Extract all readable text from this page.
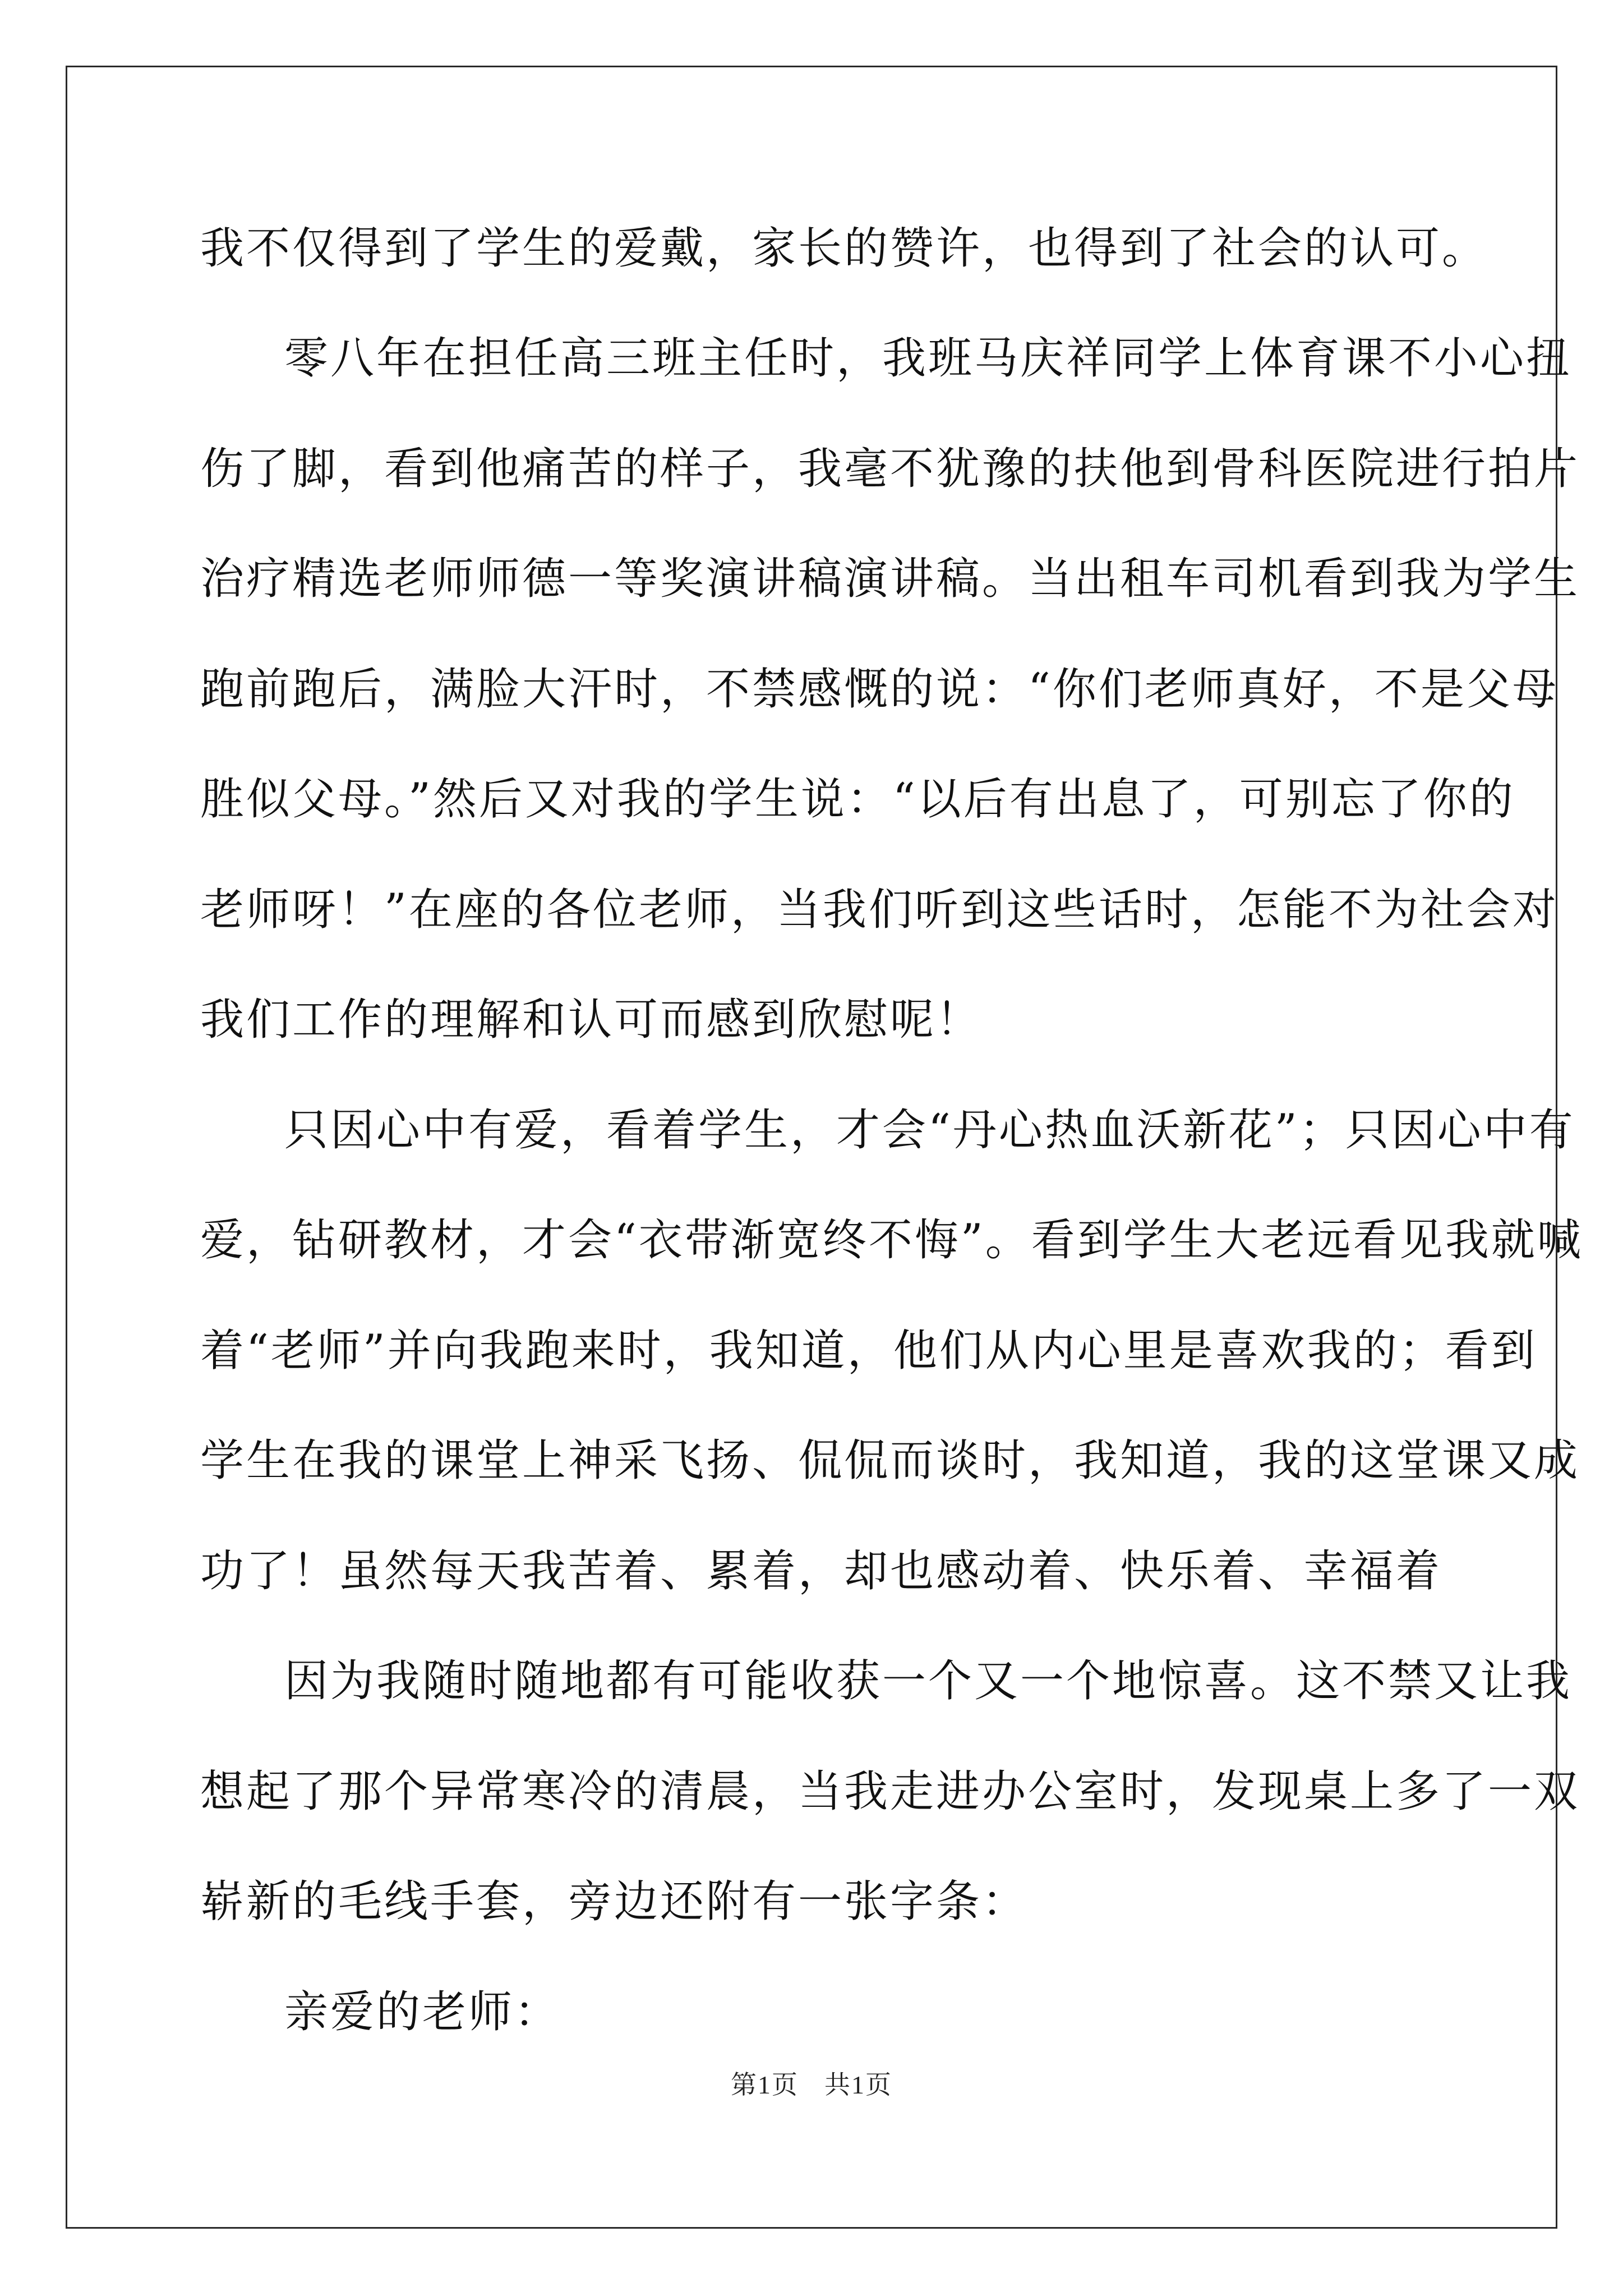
我不仅得到了学生的爱戴，家长的赞许，也得到了社会的认可。
零八年在担任高三班主任时，我班马庆祥同学上体育课不小心扭
伤了脚，看到他痛苦的样子，我毫不犹豫的扶他到骨科医院进行拍片
治疗精选老师师德一等奖演讲稿演讲稿。当出租车司机看到我为学生
跑前跑后，满脸大汗时，不禁感慨的说：“你们老师真好，不是父母
胜似父母。”然后又对我的学生说：“以后有出息了，可别忘了你的
老师呀！”在座的各位老师，当我们听到这些话时，怎能不为社会对
我们工作的理解和认可而感到欣慰呢！
只因心中有爱，看着学生，才会“丹心热血沃新花”；只因心中有
爱，钻研教材，才会“衣带渐宽终不悔”。看到学生大老远看见我就喊
着“老师”并向我跑来时，我知道，他们从内心里是喜欢我的；看到
学生在我的课堂上神采飞扬、侃侃而谈时，我知道，我的这堂课又成
功了！虽然每天我苦着、累着，却也感动着、快乐着、幸福着
因为我随时随地都有可能收获一个又一个地惊喜。这不禁又让我
想起了那个异常寒冷的清晨，当我走进办公室时，发现桌上多了一双
崭新的毛线手套，旁边还附有一张字条：
亲爱的老师：
第1页 共1页
